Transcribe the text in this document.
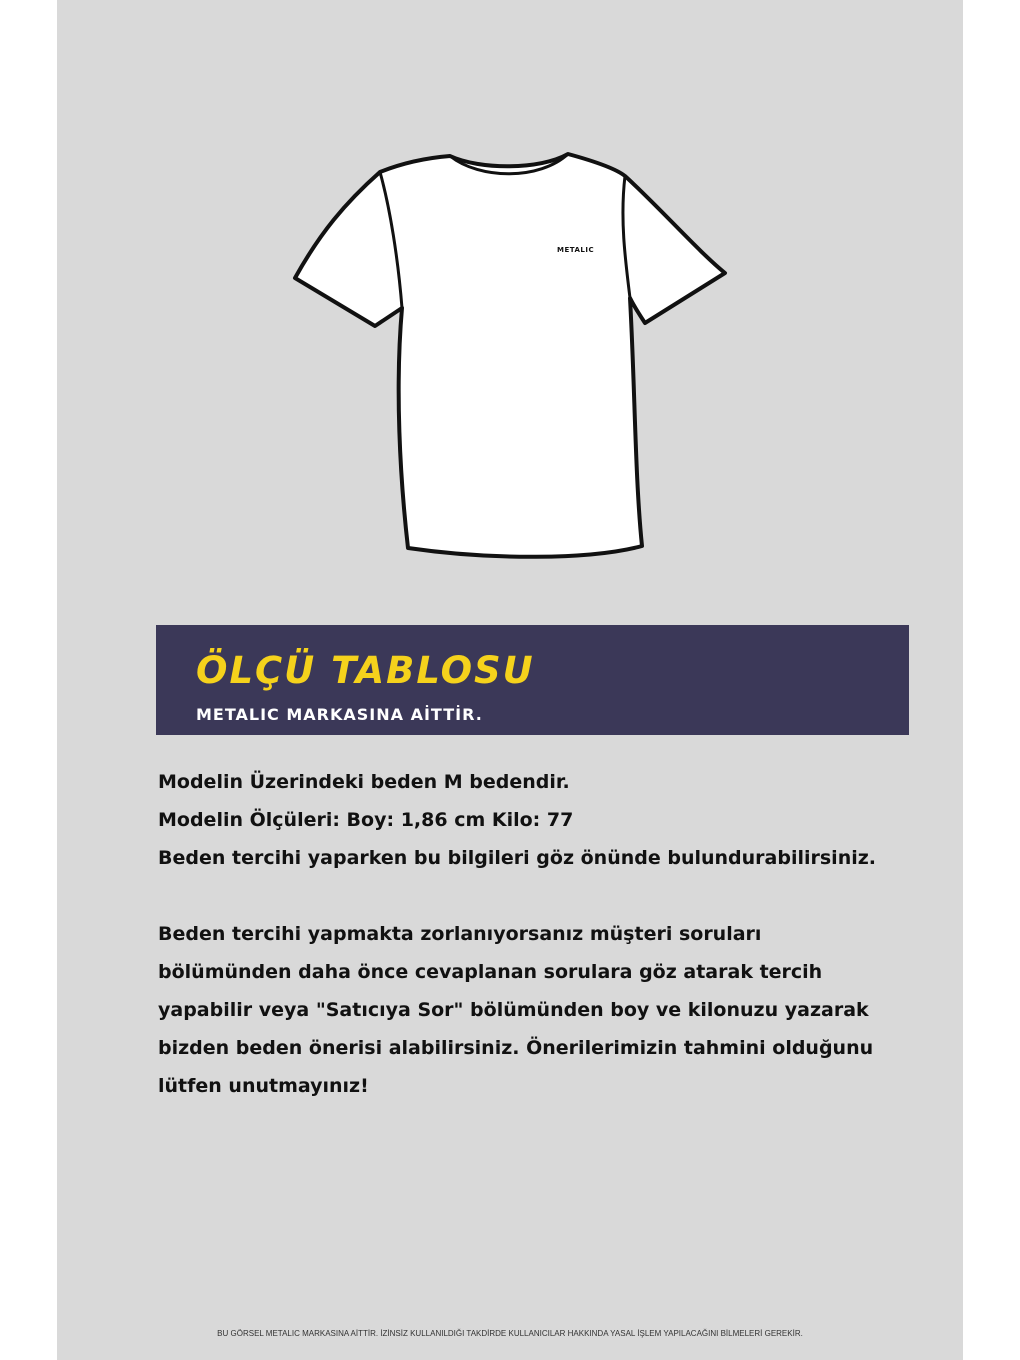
METALIC
ÖLÇÜ TABLOSU
METALIC MARKASINA AİTTİR.

Modelin Üzerindeki beden M bedendir.

Modelin Ölçüleri: Boy: 1,86 cm Kilo: 77

Beden tercihi yaparken bu bilgileri göz önünde bulundurabilirsiniz.

Beden tercihi yapmakta zorlanıyorsanız müşteri soruları

bölümünden daha önce cevaplanan sorulara göz atarak tercih

yapabilir veya "Satıcıya Sor" bölümünden boy ve kilonuzu yazarak

bizden beden önerisi alabilirsiniz. Önerilerimizin tahmini olduğunu

lütfen unutmayınız!

BU GÖRSEL METALIC MARKASINA AİTTİR. İZİNSİZ KULLANILDIĞI TAKDİRDE KULLANICILAR HAKKINDA YASAL İŞLEM YAPILACAĞINI BİLMELERİ GEREKİR.
